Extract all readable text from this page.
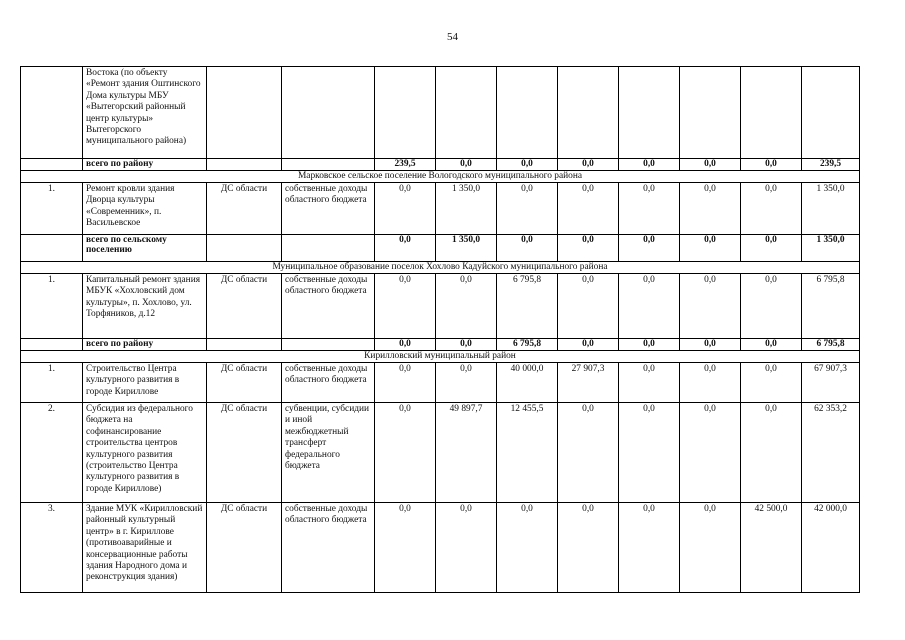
54
	Востока (по объекту «Ремонт здания Оштинского Дома культуры МБУ «Вытегорский районный центр культуры» Вытегорского муниципального района)										
	всего по району			239,5	0,0	0,0	0,0	0,0	0,0	0,0	239,5
Марковское сельское поселение Вологодского муниципального района											
1.	Ремонт кровли здания Дворца культуры «Современник», п. Васильевское	ДС области	собственные доходы областного бюджета	0,0	1 350,0	0,0	0,0	0,0	0,0	0,0	1 350,0
	всего по сельскому поселению			0,0	1 350,0	0,0	0,0	0,0	0,0	0,0	1 350,0
Муниципальное образование поселок Хохлово Кадуйского муниципального района											
1.	Капитальный ремонт здания МБУК «Хохловский дом культуры», п. Хохлово, ул. Торфяников, д.12	ДС области	собственные доходы областного бюджета	0,0	0,0	6 795,8	0,0	0,0	0,0	0,0	6 795,8
	всего по району			0,0	0,0	6 795,8	0,0	0,0	0,0	0,0	6 795,8
Кирилловский муниципальный район											
1.	Строительство Центра культурного развития в городе Кириллове	ДС области	собственные доходы областного бюджета	0,0	0,0	40 000,0	27 907,3	0,0	0,0	0,0	67 907,3
2.	Субсидия из федерального бюджета на софинансирование строительства центров культурного развития (строительство Центра культурного развития в городе Кириллове)	ДС области	субвенции, субсидии и иной межбюджетный трансферт федерального бюджета	0,0	49 897,7	12 455,5	0,0	0,0	0,0	0,0	62 353,2
3.	Здание МУК «Кирилловский районный культурный центр» в г. Кириллове (противоаварийные и консервационные работы здания Народного дома и реконструкция здания)	ДС области	собственные доходы областного бюджета	0,0	0,0	0,0	0,0	0,0	0,0	42 500,0	42 000,0
